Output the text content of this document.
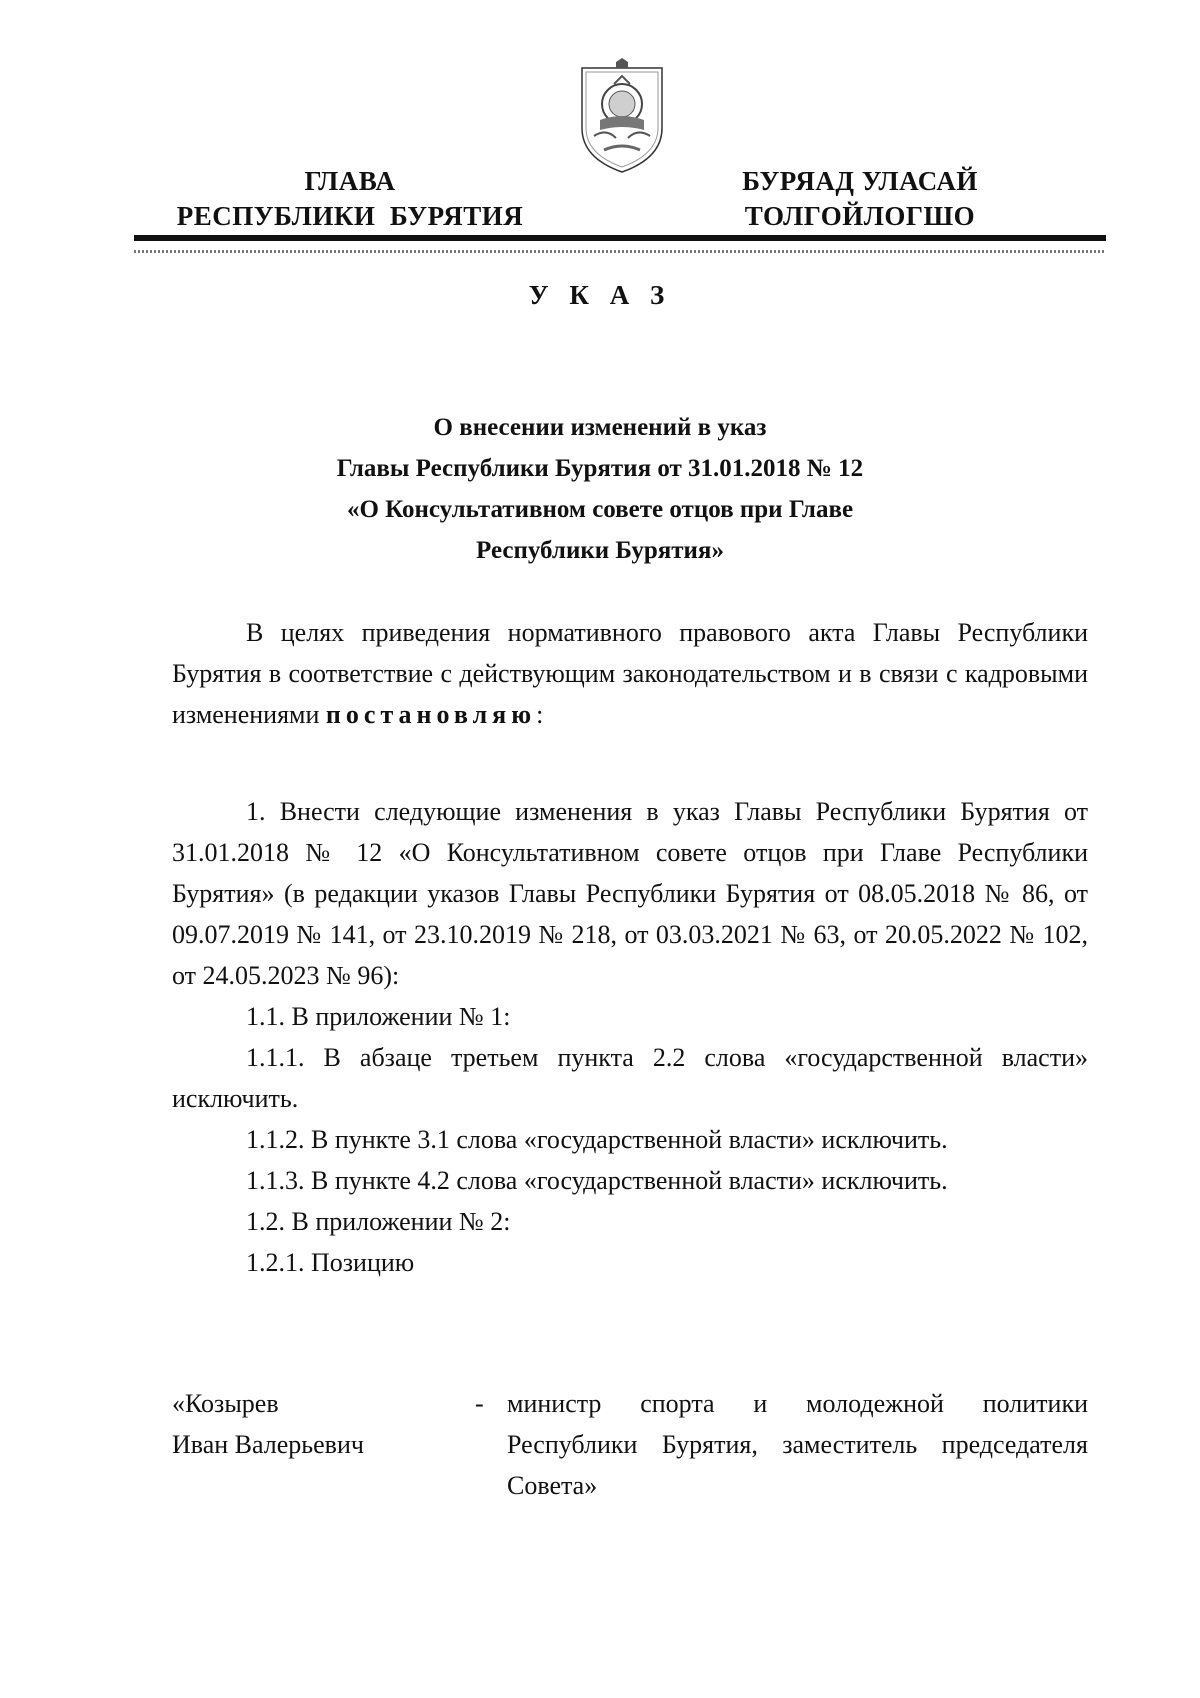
ГЛАВА
РЕСПУБЛИКИ  БУРЯТИЯ
БУРЯАД УЛАСАЙ
ТОЛГОЙЛОГШО
У К А З
О внесении изменений в указ
Главы Республики Бурятия от 31.01.2018 № 12
«О Консультативном совете отцов при Главе
Республики Бурятия»

В целях приведения нормативного правового акта Главы Республики Бурятия в соответствие с действующим законодательством и в связи с кадровыми изменениями постановляю:

1. Внести следующие изменения в указ Главы Республики Бурятия от 31.01.2018 № 12 «О Консультативном совете отцов при Главе Республики Бурятия» (в редакции указов Главы Республики Бурятия от 08.05.2018 № 86, от 09.07.2019 № 141, от 23.10.2019 № 218, от 03.03.2021 № 63, от 20.05.2022 № 102, от 24.05.2023 № 96):

1.1. В приложении № 1:

1.1.1. В абзаце третьем пункта 2.2 слова «государственной власти» исключить.

1.1.2. В пункте 3.1 слова «государственной власти» исключить.

1.1.3. В пункте 4.2 слова «государственной власти» исключить.

1.2. В приложении № 2:

1.2.1. Позицию

«Козырев
Иван Валерьевич
- министр спорта и молодежной политики Республики Бурятия, заместитель председателя Совета»
